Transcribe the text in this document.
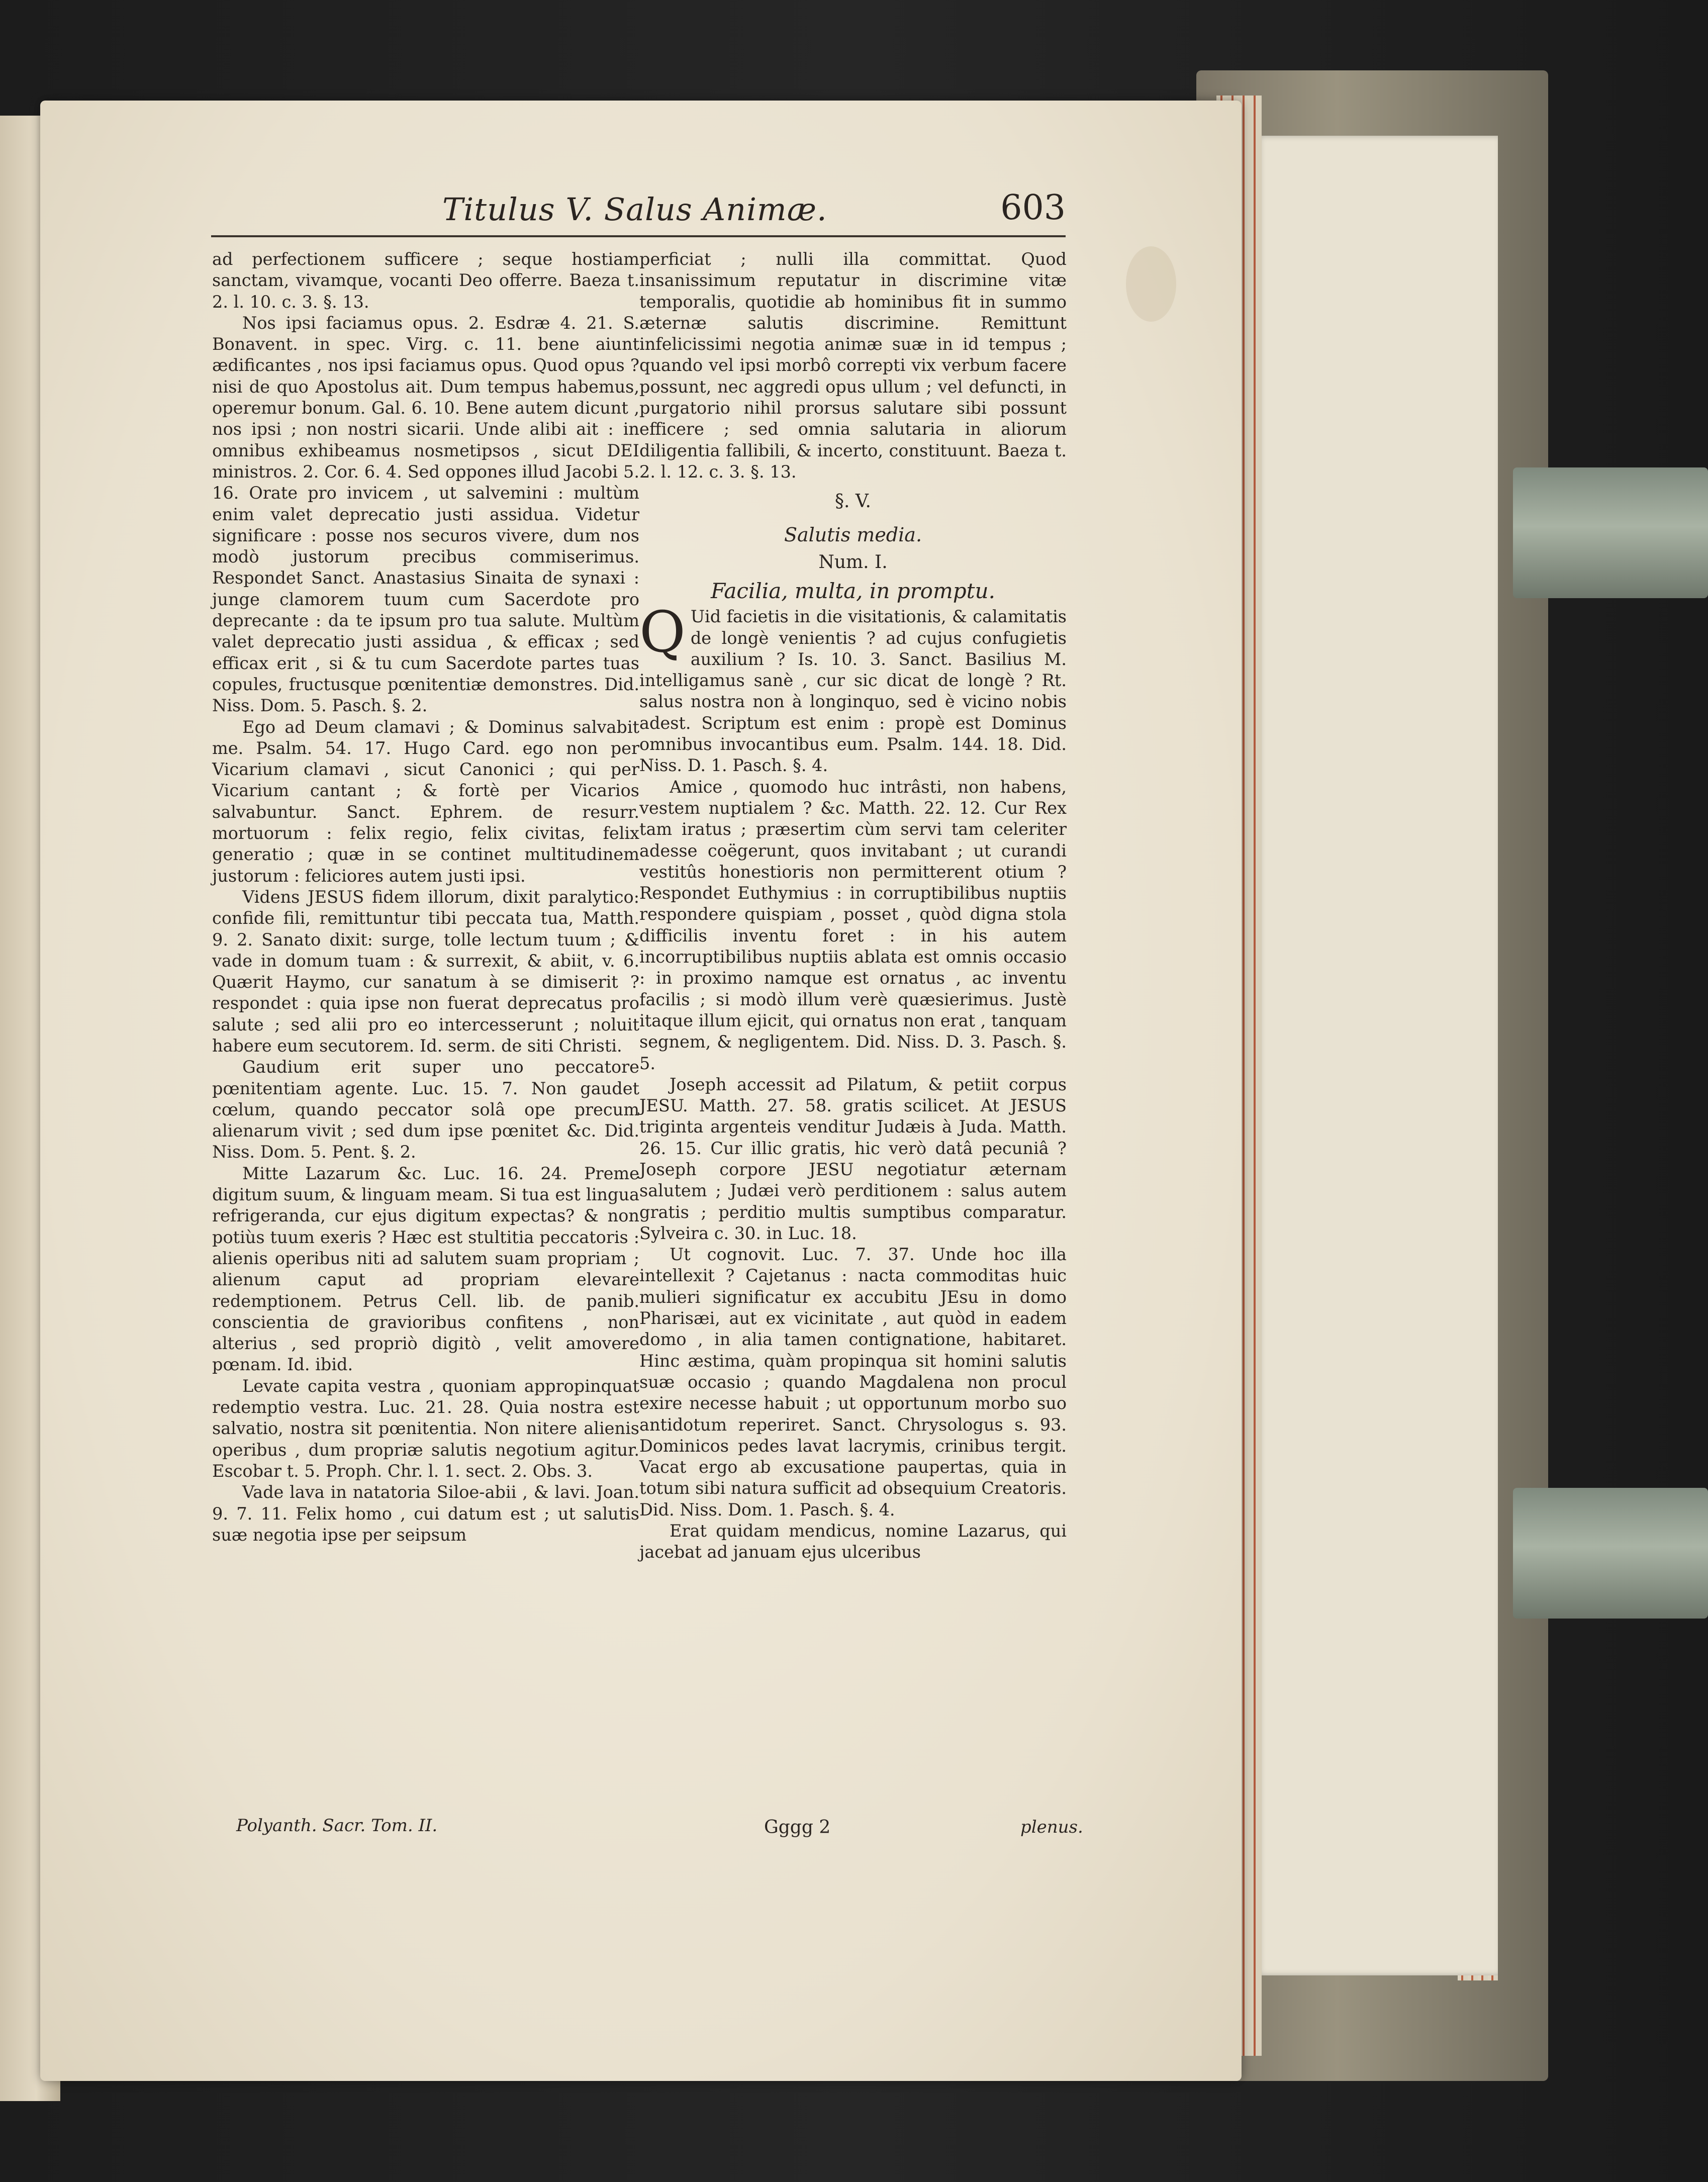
Titulus V. Salus Animæ.	603

ad perfectionem sufficere ; seque hostiam sanctam, vivamque, vocanti Deo offerre. Baeza t. 2. l. 10. c. 3. §. 13.

Nos ipsi faciamus opus. 2. Esdræ 4. 21. S. Bonavent. in spec. Virg. c. 11. bene aiunt ædificantes , nos ipsi faciamus opus. Quod opus ? nisi de quo Apostolus ait. Dum tempus habemus, operemur bonum. Gal. 6. 10. Bene autem dicunt , nos ipsi ; non nostri sicarii. Unde alibi ait : in omnibus exhibeamus nosmetipsos , sicut DEI ministros. 2. Cor. 6. 4. Sed oppones illud Jacobi 5. 16. Orate pro invicem , ut salvemini : multùm enim valet deprecatio justi assidua. Videtur significare : posse nos securos vivere, dum nos modò justorum precibus commiserimus. Respondet Sanct. Anastasius Sinaita de synaxi : junge clamorem tuum cum Sacerdote pro deprecante : da te ipsum pro tua salute. Multùm valet deprecatio justi assidua , & efficax ; sed efficax erit , si & tu cum Sacerdote partes tuas copules, fructusque pœnitentiæ demonstres. Did. Niss. Dom. 5. Pasch. §. 2.

Ego ad Deum clamavi ; & Dominus salvabit me. Psalm. 54. 17. Hugo Card. ego non per Vicarium clamavi , sicut Canonici ; qui per Vicarium cantant ; & fortè per Vicarios salvabuntur. Sanct. Ephrem. de resurr. mortuorum : felix regio, felix civitas, felix generatio ; quæ in se continet multitudinem justorum : feliciores autem justi ipsi.

Videns JESUS fidem illorum, dixit paralytico: confide fili, remittuntur tibi peccata tua, Matth. 9. 2. Sanato dixit: surge, tolle lectum tuum ; & vade in domum tuam : & surrexit, & abiit, v. 6. Quærit Haymo, cur sanatum à se dimiserit ? respondet : quia ipse non fuerat deprecatus pro salute ; sed alii pro eo intercesserunt ; noluit habere eum secutorem. Id. serm. de siti Christi.

Gaudium erit super uno peccatore pœnitentiam agente. Luc. 15. 7. Non gaudet cœlum, quando peccator solâ ope precum alienarum vivit ; sed dum ipse pœnitet &c. Did. Niss. Dom. 5. Pent. §. 2.

Mitte Lazarum &c. Luc. 16. 24. Preme digitum suum, & linguam meam. Si tua est lingua refrigeranda, cur ejus digitum expectas? & non potiùs tuum exeris ? Hæc est stultitia peccatoris : alienis operibus niti ad salutem suam propriam ; alienum caput ad propriam elevare redemptionem. Petrus Cell. lib. de panib. conscientia de gravioribus confitens , non alterius , sed propriò digitò , velit amovere pœnam. Id. ibid.

Levate capita vestra , quoniam appropinquat redemptio vestra. Luc. 21. 28. Quia nostra est salvatio, nostra sit pœnitentia. Non nitere alienis operibus , dum propriæ salutis negotium agitur. Escobar t. 5. Proph. Chr. l. 1. sect. 2. Obs. 3.

Vade lava in natatoria Siloe-abii , & lavi. Joan. 9. 7. 11. Felix homo , cui datum est ; ut salutis suæ negotia ipse per seipsum

perficiat ; nulli illa committat. Quod insanissimum reputatur in discrimine vitæ temporalis, quotidie ab hominibus fit in summo æternæ salutis discrimine. Remittunt infelicissimi negotia animæ suæ in id tempus ; quando vel ipsi morbô correpti vix verbum facere possunt, nec aggredi opus ullum ; vel defuncti, in purgatorio nihil prorsus salutare sibi possunt efficere ; sed omnia salutaria in aliorum diligentia fallibili, & incerto, constituunt. Baeza t. 2. l. 12. c. 3. §. 13.

§. V.

Salutis media.

Num. I.

Facilia, multa, in promptu.

Q Uid facietis in die visitationis, & calamitatis de longè venientis ? ad cujus confugietis auxilium ? Is. 10. 3. Sanct. Basilius M. intelligamus sanè , cur sic dicat de longè ? Rt. salus nostra non à longinquo, sed è vicino nobis adest. Scriptum est enim : propè est Dominus omnibus invocantibus eum. Psalm. 144. 18. Did. Niss. D. 1. Pasch. §. 4.

Amice , quomodo huc intrâsti, non habens, vestem nuptialem ? &c. Matth. 22. 12. Cur Rex tam iratus ; præsertim cùm servi tam celeriter adesse coëgerunt, quos invitabant ; ut curandi vestitûs honestioris non permitterent otium ? Respondet Euthymius : in corruptibilibus nuptiis respondere quispiam , posset , quòd digna stola difficilis inventu foret : in his autem incorruptibilibus nuptiis ablata est omnis occasio : in proximo namque est ornatus , ac inventu facilis ; si modò illum verè quæsierimus. Justè itaque illum ejicit, qui ornatus non erat , tanquam segnem, & negligentem. Did. Niss. D. 3. Pasch. §. 5.

Joseph accessit ad Pilatum, & petiit corpus JESU. Matth. 27. 58. gratis scilicet. At JESUS triginta argenteis venditur Judæis à Juda. Matth. 26. 15. Cur illic gratis, hic verò datâ pecuniâ ? Joseph corpore JESU negotiatur æternam salutem ; Judæi verò perditionem : salus autem gratis ; perditio multis sumptibus comparatur. Sylveira c. 30. in Luc. 18.

Ut cognovit. Luc. 7. 37. Unde hoc illa intellexit ? Cajetanus : nacta commoditas huic mulieri significatur ex accubitu JEsu in domo Pharisæi, aut ex vicinitate , aut quòd in eadem domo , in alia tamen contignatione, habitaret. Hinc æstima, quàm propinqua sit homini salutis suæ occasio ; quando Magdalena non procul exire necesse habuit ; ut opportunum morbo suo antidotum reperiret. Sanct. Chrysologus s. 93. Dominicos pedes lavat lacrymis, crinibus tergit. Vacat ergo ab excusatione paupertas, quia in totum sibi natura sufficit ad obsequium Creatoris. Did. Niss. Dom. 1. Pasch. §. 4.

Erat quidam mendicus, nomine Lazarus, qui jacebat ad januam ejus ulceribus

Polyanth. Sacr. Tom. II.	Gggg 2	plenus.
